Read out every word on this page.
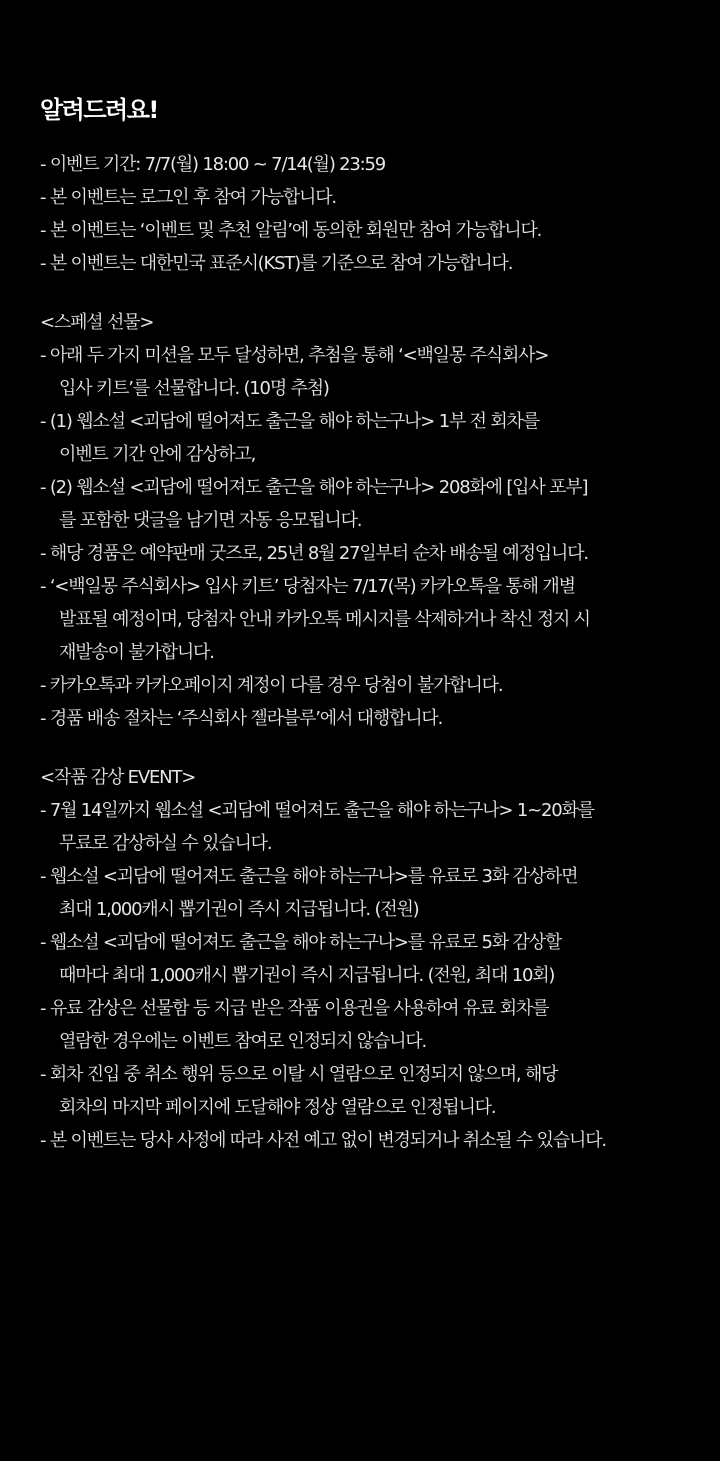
알려드려요!
- 이벤트 기간: 7/7(월) 18:00 ~ 7/14(월) 23:59
- 본 이벤트는 로그인 후 참여 가능합니다.
- 본 이벤트는 ‘이벤트 및 추천 알림’에 동의한 회원만 참여 가능합니다.
- 본 이벤트는 대한민국 표준시(KST)를 기준으로 참여 가능합니다.
<스페셜 선물>
- 아래 두 가지 미션을 모두 달성하면, 추첨을 통해 ‘<백일몽 주식회사>
입사 키트’를 선물합니다. (10명 추첨)
- (1) 웹소설 <괴담에 떨어져도 출근을 해야 하는구나> 1부 전 회차를
이벤트 기간 안에 감상하고,
- (2) 웹소설 <괴담에 떨어져도 출근을 해야 하는구나> 208화에 [입사 포부]
를 포함한 댓글을 남기면 자동 응모됩니다.
- 해당 경품은 예약판매 굿즈로, 25년 8월 27일부터 순차 배송될 예정입니다.
- ‘<백일몽 주식회사> 입사 키트’ 당첨자는 7/17(목) 카카오톡을 통해 개별
발표될 예정이며, 당첨자 안내 카카오톡 메시지를 삭제하거나 착신 정지 시
재발송이 불가합니다.
- 카카오톡과 카카오페이지 계정이 다를 경우 당첨이 불가합니다.
- 경품 배송 절차는 ‘주식회사 젤라블루’에서 대행합니다.
<작품 감상 EVENT>
- 7월 14일까지 웹소설 <괴담에 떨어져도 출근을 해야 하는구나> 1~20화를
무료로 감상하실 수 있습니다.
- 웹소설 <괴담에 떨어져도 출근을 해야 하는구나>를 유료로 3화 감상하면
최대 1,000캐시 뽑기권이 즉시 지급됩니다. (전원)
- 웹소설 <괴담에 떨어져도 출근을 해야 하는구나>를 유료로 5화 감상할
때마다 최대 1,000캐시 뽑기권이 즉시 지급됩니다. (전원, 최대 10회)
- 유료 감상은 선물함 등 지급 받은 작품 이용권을 사용하여 유료 회차를
열람한 경우에는 이벤트 참여로 인정되지 않습니다.
- 회차 진입 중 취소 행위 등으로 이탈 시 열람으로 인정되지 않으며, 해당
회차의 마지막 페이지에 도달해야 정상 열람으로 인정됩니다.
- 본 이벤트는 당사 사정에 따라 사전 예고 없이 변경되거나 취소될 수 있습니다.
